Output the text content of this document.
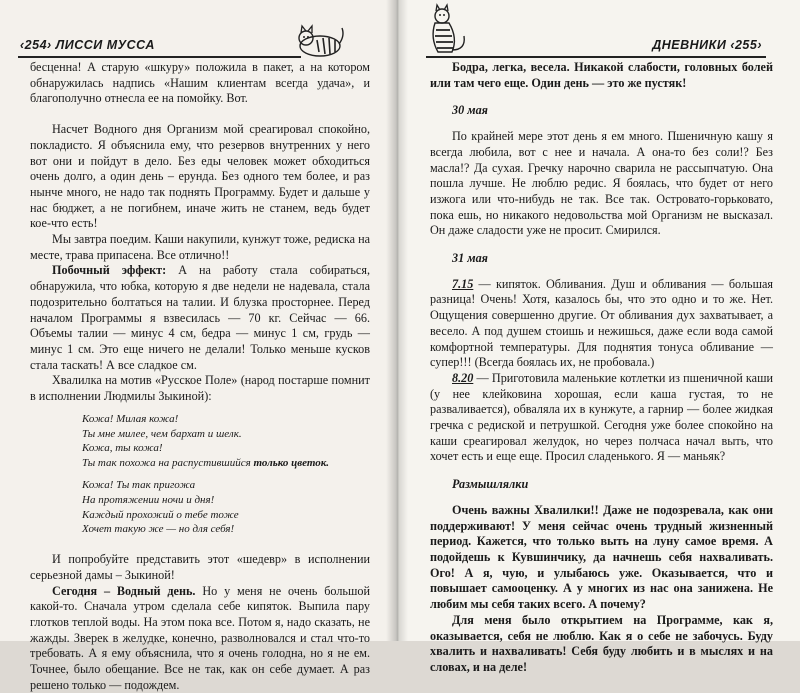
‹254› ЛИССИ МУССА

бесценна! А старую «шкуру» положила в пакет, а на котором обнаружилась надпись «Нашим клиентам всегда удача», и благополучно отнесла ее на помойку. Вот.

Насчет Водного дня Организм мой среагировал спокойно, покладисто. Я объяснила ему, что резервов внутренних у него вот они и пойдут в дело. Без еды человек может обходиться очень долго, а один день – ерунда. Без одного тем более, и раз нынче много, не надо так поднять Программу. Будет и дальше у нас бюджет, а не погибнем, иначе жить не станем, ведь будет кое-что есть!

Мы завтра поедим. Каши накупили, кунжут тоже, редиска на месте, трава припасена. Все отлично!!

Побочный эффект: А на работу стала собираться, обнаружила, что юбка, которую я две недели не надевала, стала подозрительно болтаться на талии. И блузка просторнее. Перед началом Программы я взвесилась — 70 кг. Сейчас — 66. Объемы талии — минус 4 см, бедра — минус 1 см, грудь — минус 1 см. Это еще ничего не делали! Только меньше кусков стала таскать! А все сладкое см.

Хвалилка на мотив «Русское Поле» (народ постарше помнит в исполнении Людмилы Зыкиной):

Кожа! Милая кожа!
Ты мне милее, чем бархат и шелк.
Кожа, ты кожа!
Ты так похожа на распустившийся только цветок.
Кожа! Ты так пригожа
На протяжении ночи и дня!
Каждый прохожий о тебе тоже
Хочет такую же — но для себя!

И попробуйте представить этот «шедевр» в исполнении серьезной дамы – Зыкиной!

Сегодня – Водный день. Но у меня не очень большой какой-то. Сначала утром сделала себе кипяток. Выпила пару глотков теплой воды. На этом пока все. Потом я, надо сказать, не жажды. Зверек в желудке, конечно, разволновался и стал что-то требовать. А я ему объяснила, что я очень голодна, но я не ем. Точнее, было обещание. Все не так, как он себе думает. А раз решено только — подождем.

ДНЕВНИКИ ‹255›

Бодра, легка, весела. Никакой слабости, головных болей или там чего еще. Один день — это же пустяк!

30 мая

По крайней мере этот день я ем много. Пшеничную кашу я всегда любила, вот с нее и начала. А она-то без соли!? Без масла!? Да сухая. Гречку нарочно сварила не рассыпчатую. Она пошла лучше. Не люблю редис. Я боялась, что будет от него изжога или что-нибудь не так. Все так. Островато-горьковато, пока ешь, но никакого недовольства мой Организм не высказал. Он даже сладости уже не просит. Смирился.

31 мая

7.15 — кипяток. Обливания. Душ и обливания — большая разница! Очень! Хотя, казалось бы, что это одно и то же. Нет. Ощущения совершенно другие. От обливания дух захватывает, а весело. А под душем стоишь и нежишься, даже если вода самой комфортной температуры. Для поднятия тонуса обливание — супер!!! (Всегда боялась их, не пробовала.)

8.20 — Приготовила маленькие котлетки из пшеничной каши (у нее клейковина хорошая, если каша густая, то не разваливается), обваляла их в кунжуте, а гарнир — более жидкая гречка с редиской и петрушкой. Сегодня уже более спокойно на каши среагировал желудок, но через полчаса начал выть, что хочет есть и еще еще. Просил сладенького. Я — маньяк?

Размышлялки

Очень важны Хвалилки!! Даже не подозревала, как они поддерживают! У меня сейчас очень трудный жизненный период. Кажется, что только выть на луну самое время. А подойдешь к Кувшинчику, да начнешь себя нахваливать. Ого! А я, чую, и улыбаюсь уже. Оказывается, что и повышает самооценку. А у многих из нас она занижена. Не любим мы себя таких всего. А почему?

Для меня было открытием на Программе, как я, оказывается, себя не люблю. Как я о себе не забочусь. Буду хвалить и нахваливать! Себя буду любить и в мыслях и на словах, и на деле!
